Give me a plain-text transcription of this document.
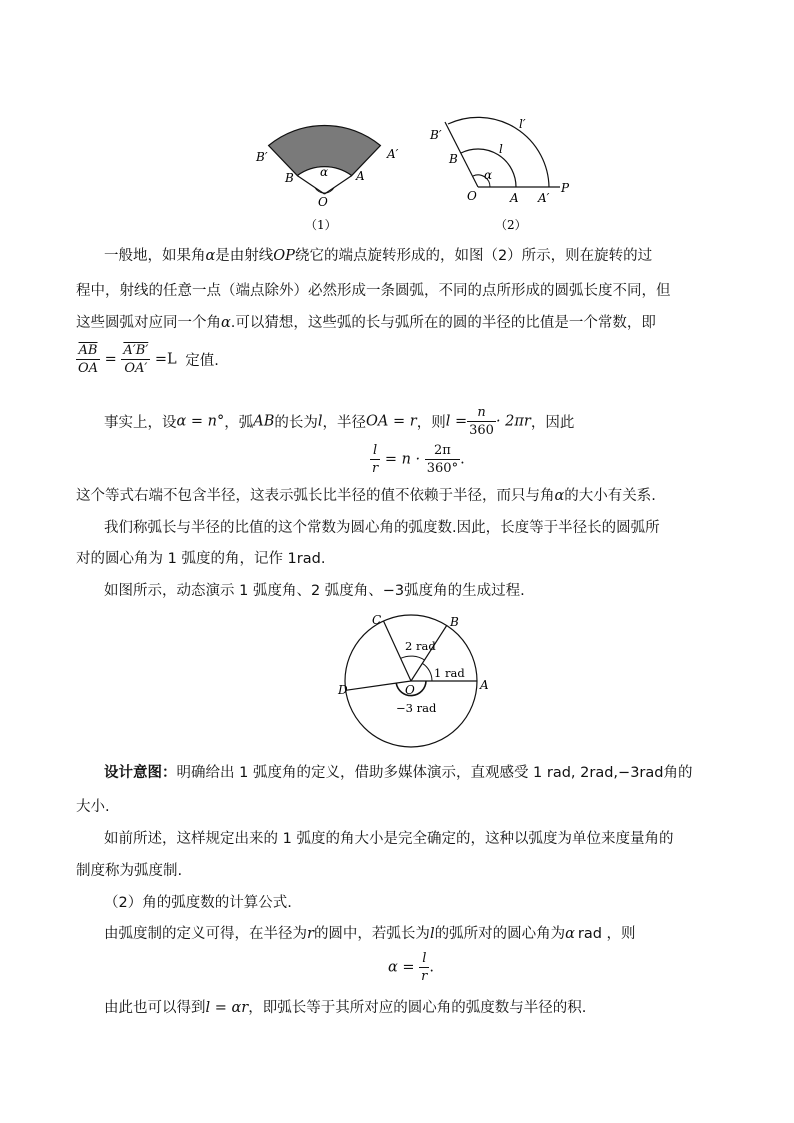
B′	A′
B	A
α
O
（1）
B′
l′
B
l
α
O	A A′
P
（2）
一般地，如果角α是由射线OP绕它的端点旋转形成的，如图（2）所示，则在旋转的过
程中，射线的任意一点（端点除外）必然形成一条圆弧，不同的点所形成的圆弧长度不同，但
这些圆弧对应同一个角α.可以猜想，这些弧的长与弧所在的圆的半径的比值是一个常数，即
$\frac{\overline{AB}}{OA} = \frac{A'B'}{OA'} =L$ 定值.
事实上，设α = n°，弧AB的长为l，半径OA = r，则$l = \frac{n}{360} \cdot 2\pi r$，因此
$\frac{l}{r} = n \cdot \frac{2\pi}{360^\circ}$ .
这个等式右端不包含半径，这表示弧长比半径的值不依赖于半径，而只与角α的大小有关系.
我们称弧长与半径的比值的这个常数为圆心角的弧度数.因此，长度等于半径长的圆弧所
对的圆心角为 1 弧度的角，记作 1rad.
如图所示，动态演示 1 弧度角、2 弧度角、−3弧度角的生成过程.
C	B
2 rad
1 rad
D	O	A
−3 rad
设计意图：明确给出 1 弧度角的定义，借助多媒体演示，直观感受 1 rad, 2rad,−3rad角的
大小.
如前所述，这样规定出来的 1 弧度的角大小是完全确定的，这种以弧度为单位来度量角的
制度称为弧度制.
（2）角的弧度数的计算公式.
由弧度制的定义可得，在半径为r的圆中，若弧长为l的弧所对的圆心角为α rad ，则
$\alpha = \frac{l}{r}$ .
由此也可以得到l = αr，即弧长等于其所对应的圆心角的弧度数与半径的积.
